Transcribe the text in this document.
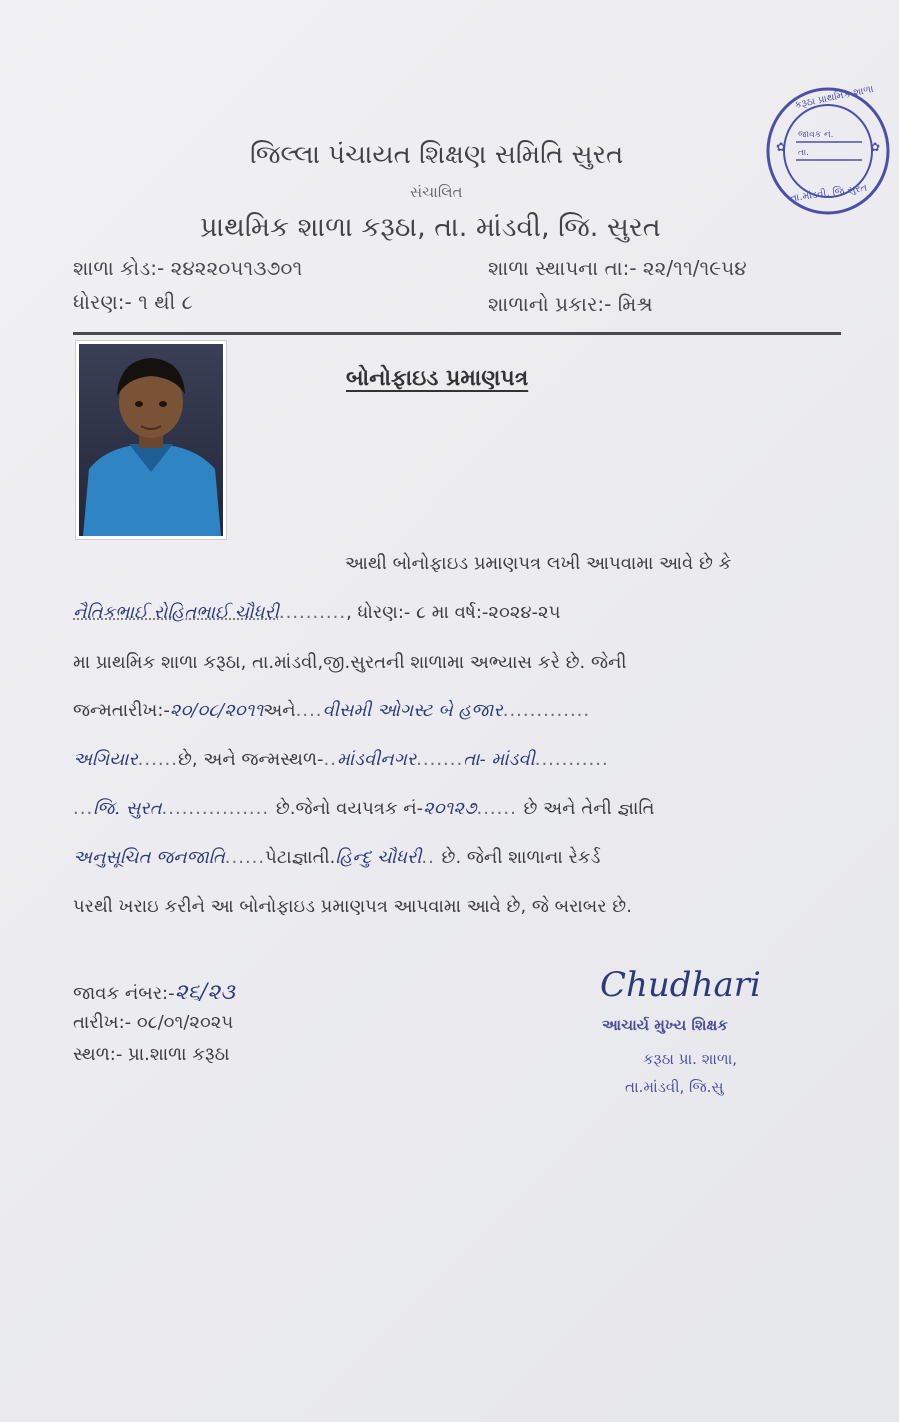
✿	✿
કરૂઠા પ્રાથમિક શાળા
જાવક નં.
તા.
તા.માંડવી, જિ.સુરત
જિલ્લા પંચાયત શિક્ષણ સમિતિ સુરત
સંચાલિત
પ્રાથમિક શાળા કરૂઠા, તા. માંડવી, જિ. સુરત
શાળા કોડ:- ૨૪૨૨૦૫૧૩૭૦૧	શાળા સ્થાપના તા:- ૨૨/૧૧/૧૯૫૪
ધોરણ:- ૧ થી ૮	શાળાનો પ્રકાર:- મિશ્ર
બોનોફાઇડ પ્રમાણપત્ર
આથી બોનોફાઇડ પ્રમાણપત્ર લખી આપવામા આવે છે કે
નૈતિકભાઈ રોહિતભાઈ ચૌધરી.........., ધોરણ:- ૮ મા વર્ષ:-૨૦૨૪-૨૫
મા પ્રાથમિક શાળા કરૂઠા, તા.માંડવી,જી.સુરતની શાળામા અભ્યાસ કરે છે. જેની
જન્મતારીખ:-૨૦/૦૮/૨૦૧૧અને....વીસમી ઓગસ્ટ બે હજાર.............
અગિયાર......છે, અને જન્મસ્થળ-..માંડવીનગર.......તા- માંડવી...........
...જિ. સુરત................ છે.જેનો વયપત્રક નં-૨૦૧૨૭...... છે અને તેની જ્ઞાતિ
અનુસૂચિત જનજાતિ......પેટાજ્ઞાતી.હિન્દુ ચૌધરી.. છે. જેની શાળાના રેકર્ડ
પરથી ખરાઇ કરીને આ બોનોફાઇડ પ્રમાણપત્ર આપવામા આવે છે, જે બરાબર છે.
જાવક નંબર:-૨૬/૨૩
તારીખ:- ૦૮/૦૧/૨૦૨૫
સ્થળ:- પ્રા.શાળા કરૂઠા
Chudhari
આચાર્ય મુખ્ય શિક્ષક
કરૂઠા પ્રા. શાળા,
તા.માંડવી, જિ.સુ
